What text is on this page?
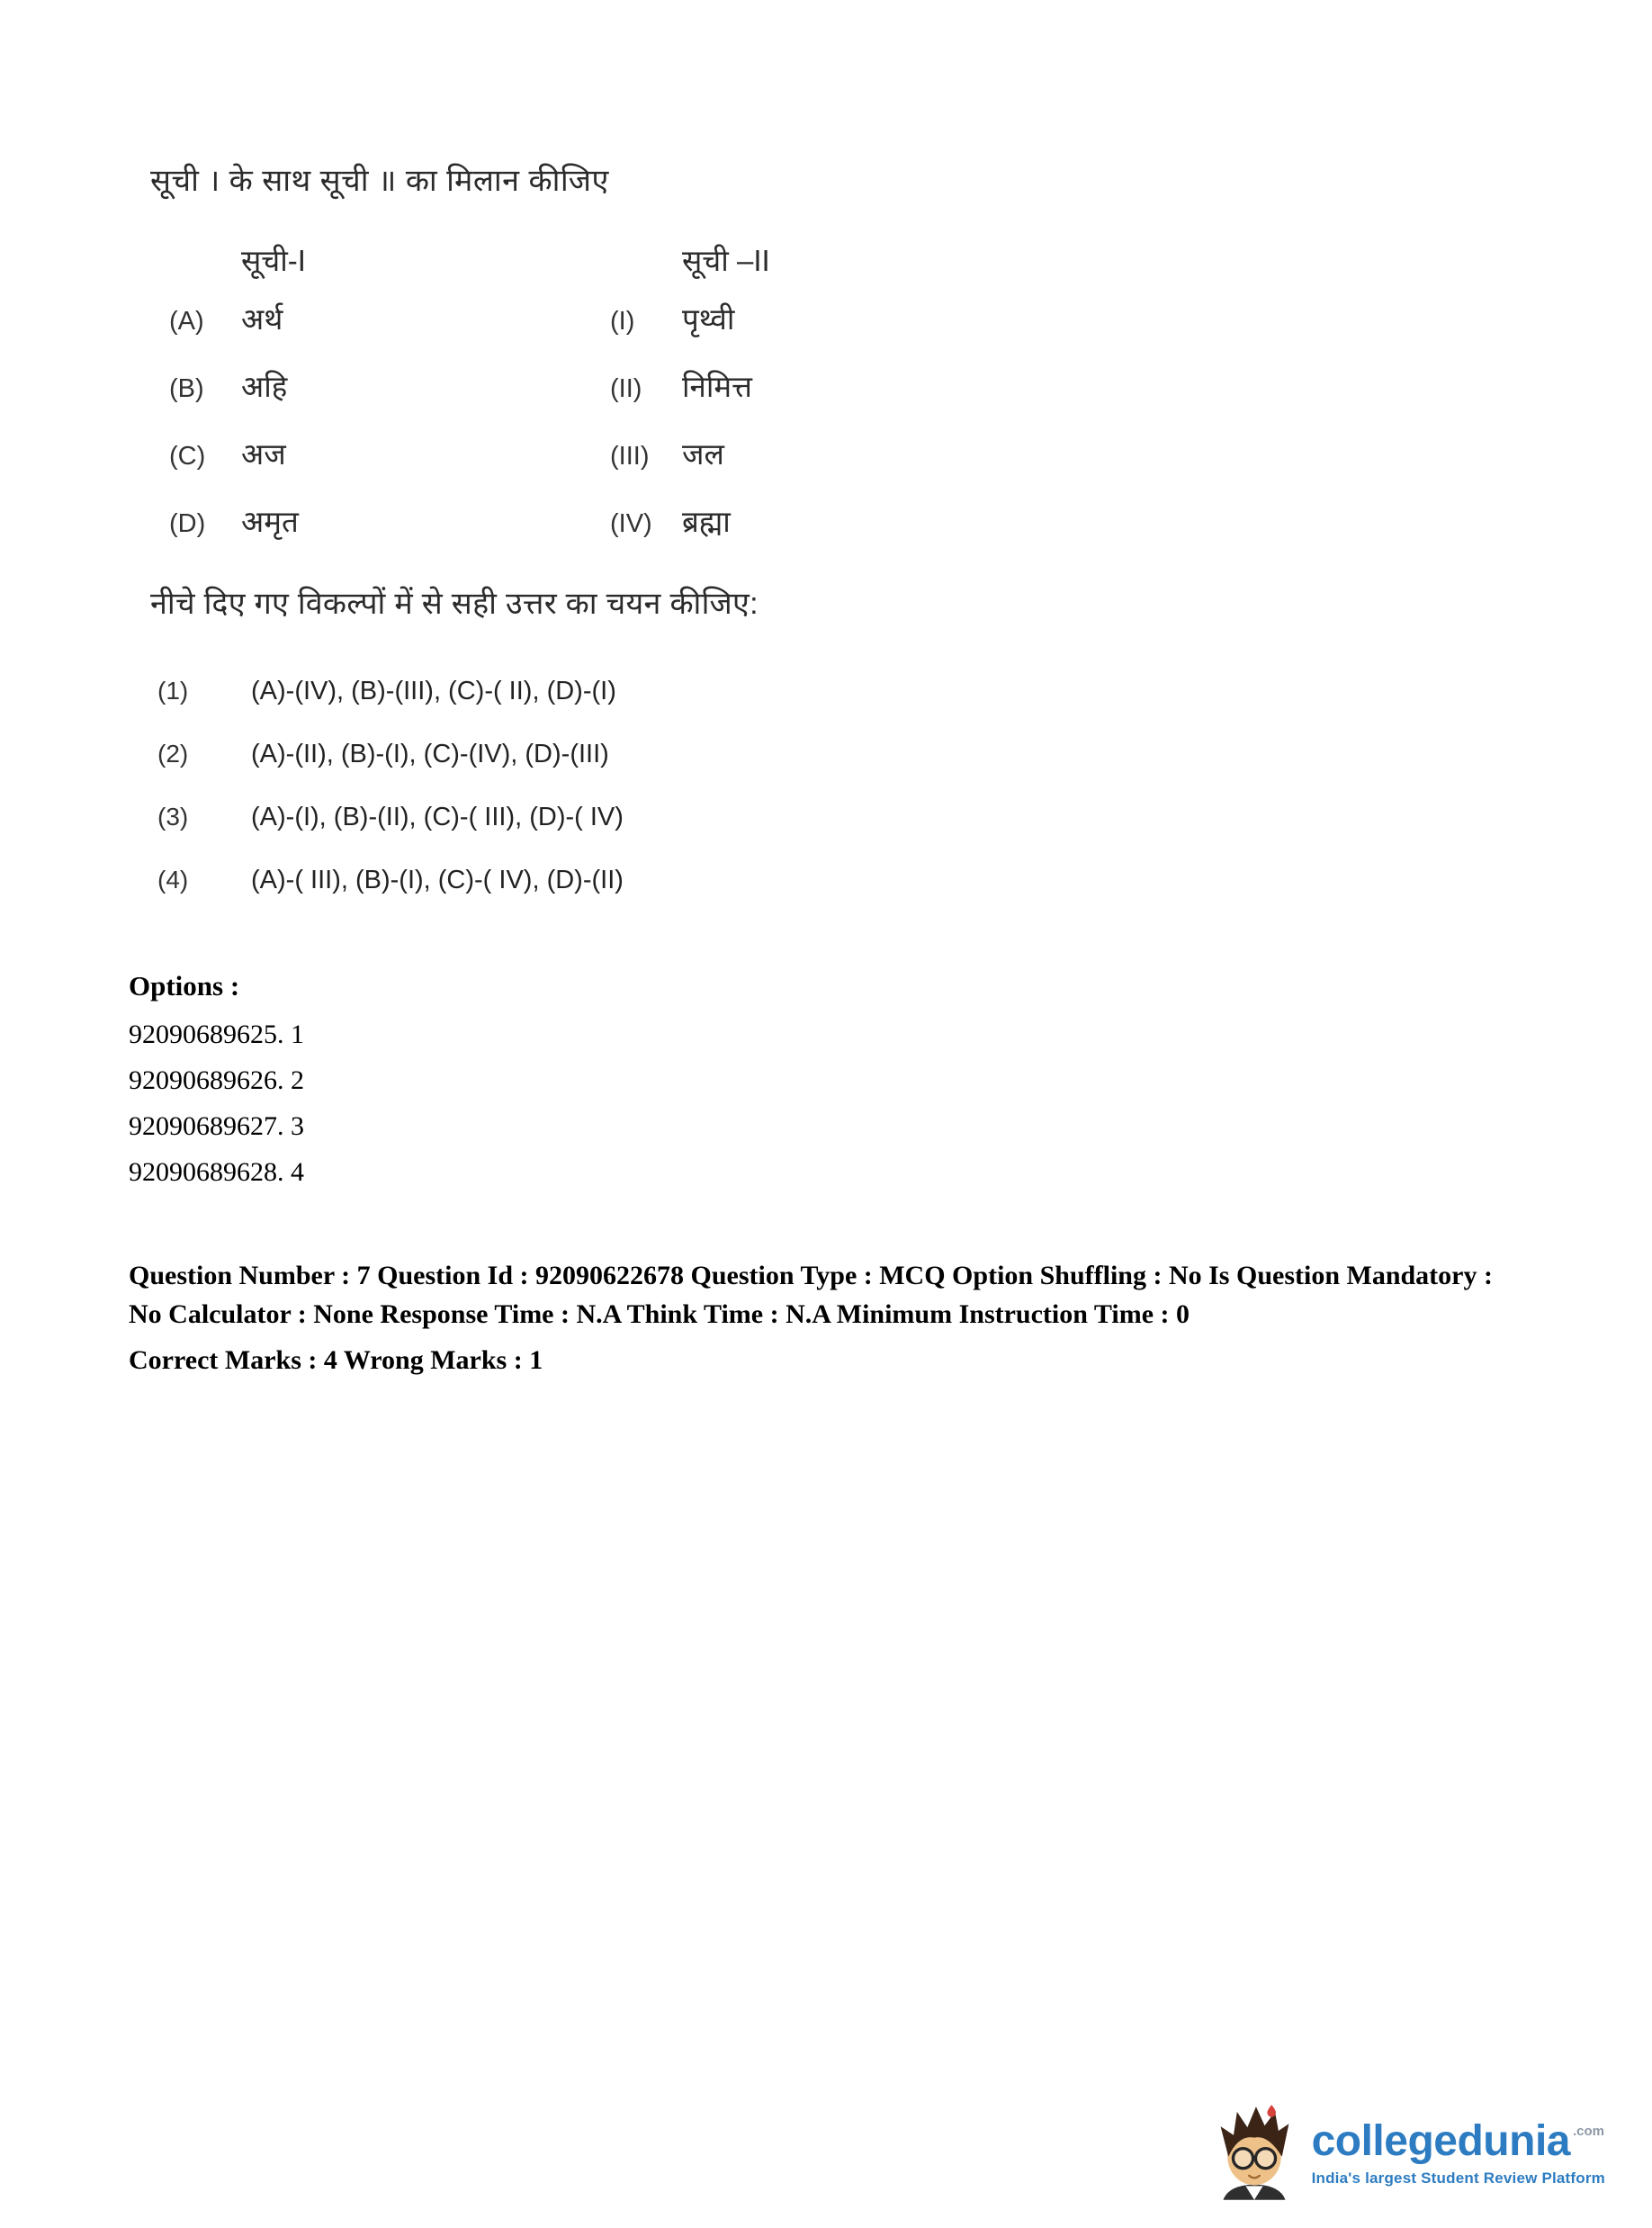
सूची । के साथ सूची ॥ का मिलान कीजिए
सूची-I	सूची –II
(A)	अर्थ	(I)	पृथ्वी
(B)	अहि	(II)	निमित्त
(C)	अज	(III)	जल
(D)	अमृत	(IV)	ब्रह्मा
नीचे दिए गए विकल्पों में से सही उत्तर का चयन कीजिए:
(1)	(A)-(IV), (B)-(III), (C)-( II), (D)-(I)
(2)	(A)-(II), (B)-(I), (C)-(IV), (D)-(III)
(3)	(A)-(I), (B)-(II), (C)-( III), (D)-( IV)
(4)	(A)-( III), (B)-(I), (C)-( IV), (D)-(II)
Options :
92090689625. 1
92090689626. 2
92090689627. 3
92090689628. 4
Question Number : 7 Question Id : 92090622678 Question Type : MCQ Option Shuffling : No Is Question Mandatory : No Calculator : None Response Time : N.A Think Time : N.A Minimum Instruction Time : 0
Correct Marks : 4 Wrong Marks : 1
collegedunia .com
India's largest Student Review Platform
